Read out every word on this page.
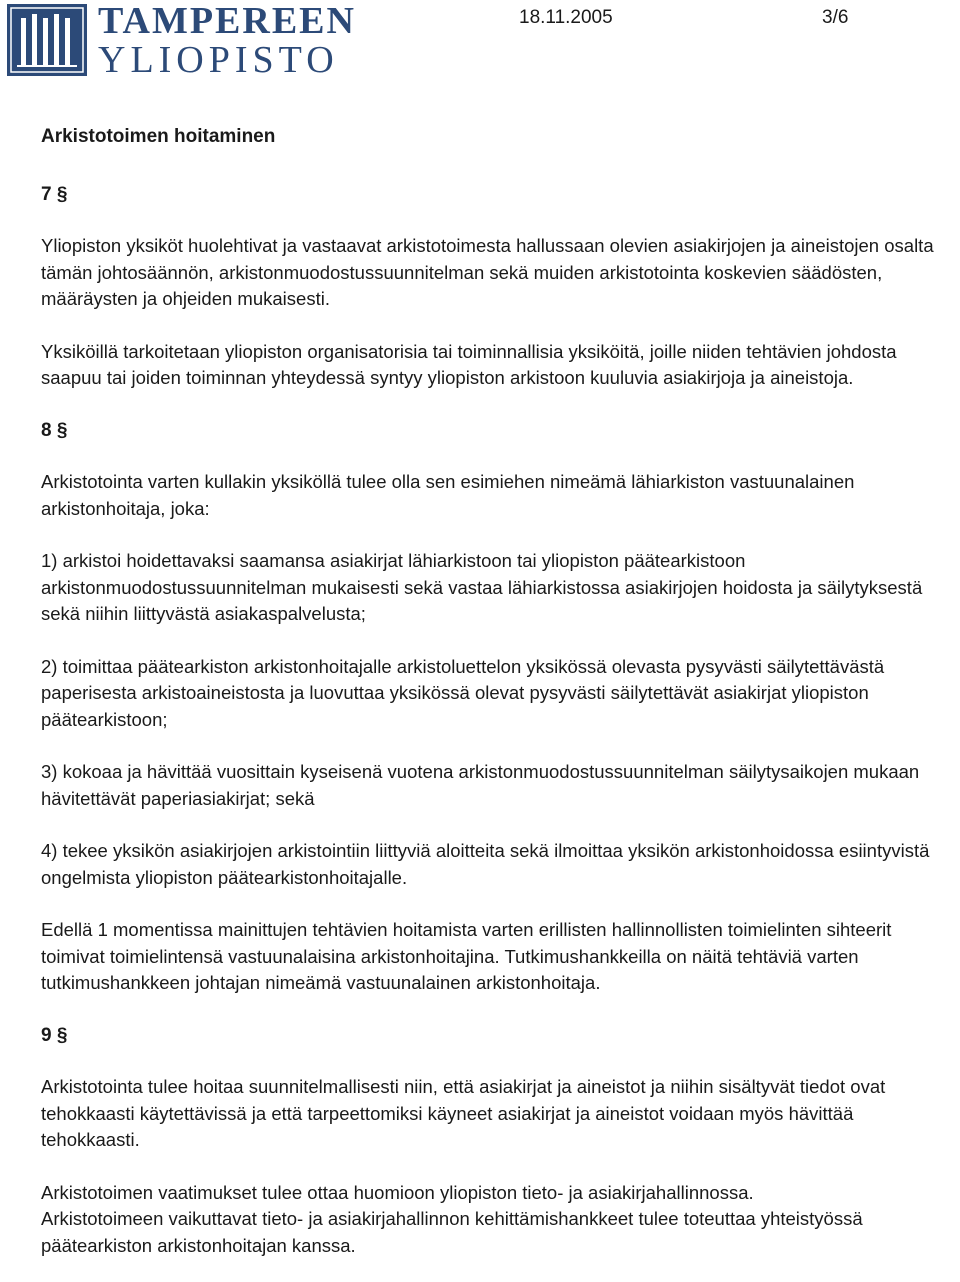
TAMPEREEN
YLIOPISTO
18.11.2005	3/6

Arkistotoimen hoitaminen

7 §

Yliopiston yksiköt huolehtivat ja vastaavat arkistotoimesta hallussaan olevien asiakirjojen ja aineistojen osalta tämän johtosäännön, arkistonmuodostussuunnitelman sekä muiden arkistotointa koskevien säädösten, määräysten ja ohjeiden mukaisesti.

Yksiköillä tarkoitetaan yliopiston organisatorisia tai toiminnallisia yksiköitä, joille niiden tehtävien johdosta saapuu tai joiden toiminnan yhteydessä syntyy yliopiston arkistoon kuuluvia asiakirjoja ja aineistoja.

8 §

Arkistotointa varten kullakin yksiköllä tulee olla sen esimiehen nimeämä lähiarkiston vastuunalainen arkistonhoitaja, joka:

1) arkistoi hoidettavaksi saamansa asiakirjat lähiarkistoon tai yliopiston päätearkistoon arkistonmuodostussuunnitelman mukaisesti sekä vastaa lähiarkistossa asiakirjojen hoidosta ja säilytyksestä sekä niihin liittyvästä asiakaspalvelusta;

2) toimittaa päätearkiston arkistonhoitajalle arkistoluettelon yksikössä olevasta pysyvästi säilytettävästä paperisesta arkistoaineistosta ja luovuttaa yksikössä olevat pysyvästi säilytettävät asiakirjat yliopiston päätearkistoon;

3) kokoaa ja hävittää vuosittain kyseisenä vuotena arkistonmuodostussuunnitelman säilytysaikojen mukaan hävitettävät paperiasiakirjat; sekä

4) tekee yksikön asiakirjojen arkistointiin liittyviä aloitteita sekä ilmoittaa yksikön arkistonhoidossa esiintyvistä ongelmista yliopiston päätearkistonhoitajalle.

Edellä 1 momentissa mainittujen tehtävien hoitamista varten erillisten hallinnollisten toimielinten sihteerit toimivat toimielintensä vastuunalaisina arkistonhoitajina. Tutkimushankkeilla on näitä tehtäviä varten tutkimushankkeen johtajan nimeämä vastuunalainen arkistonhoitaja.

9 §

Arkistotointa tulee hoitaa suunnitelmallisesti niin, että asiakirjat ja aineistot ja niihin sisältyvät tiedot ovat tehokkaasti käytettävissä ja että tarpeettomiksi käyneet asiakirjat ja aineistot voidaan myös hävittää tehokkaasti.

Arkistotoimen vaatimukset tulee ottaa huomioon yliopiston tieto- ja asiakirjahallinnossa.

Arkistotoimeen vaikuttavat tieto- ja asiakirjahallinnon kehittämishankkeet tulee toteuttaa yhteistyössä päätearkiston arkistonhoitajan kanssa.
